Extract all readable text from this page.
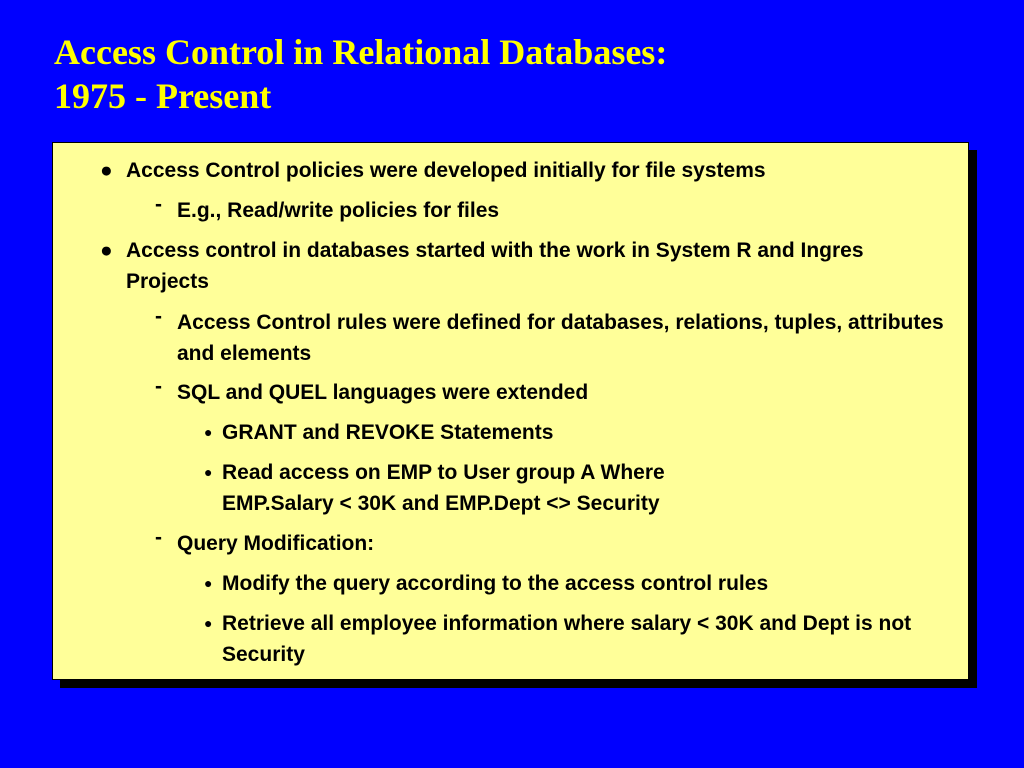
Access Control in Relational Databases:
1975 - Present
● Access Control policies were developed initially for file systems
- E.g., Read/write policies for files
● Access control in databases started with the work in System R and Ingres Projects
- Access Control rules were defined for databases, relations, tuples, attributes and elements
- SQL and QUEL languages were extended
● GRANT and REVOKE Statements
● Read access on EMP to User group A Where EMP.Salary < 30K and EMP.Dept <> Security
- Query Modification:
● Modify the query according to the access control rules
● Retrieve all employee information where salary < 30K and Dept is not Security
